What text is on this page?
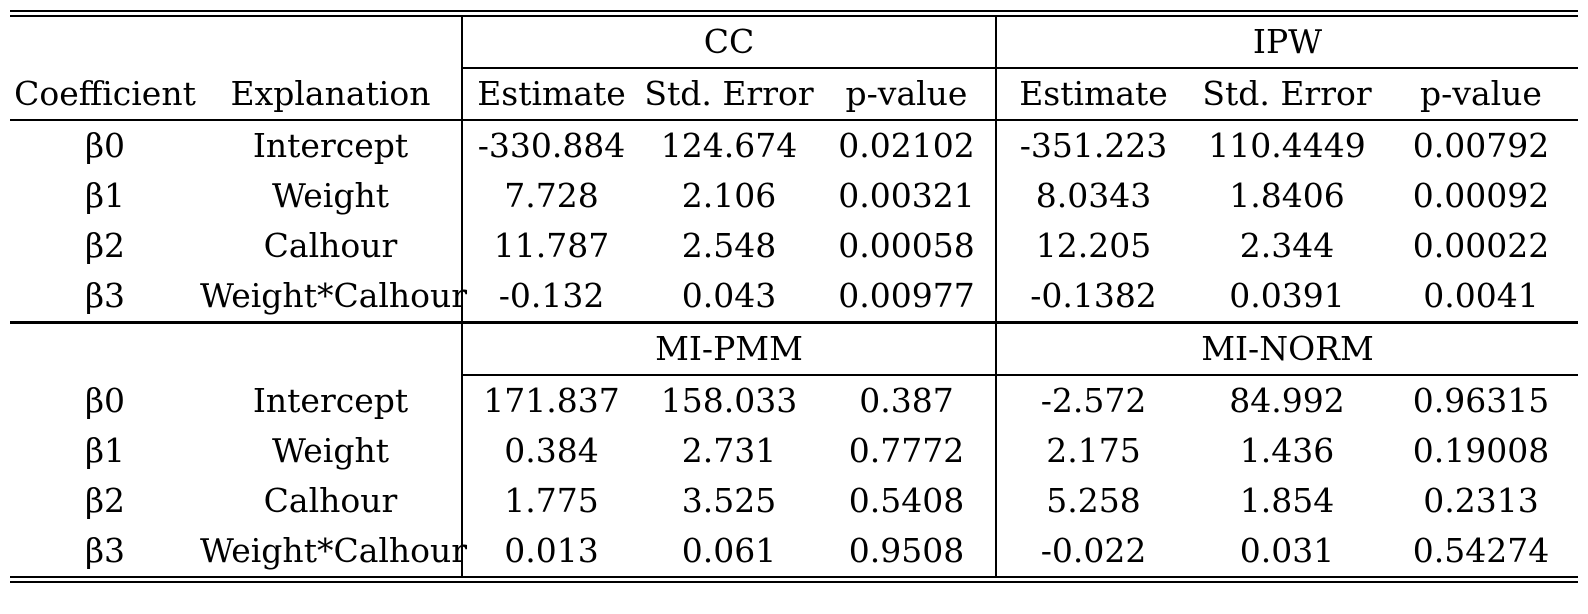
		CC			IPW		
Coefficient	Explanation	Estimate	Std. Error	p-value	Estimate	Std. Error	p-value
β0	Intercept	-330.884	124.674	0.02102	-351.223	110.4449	0.00792
β1	Weight	7.728	2.106	0.00321	8.0343	1.8406	0.00092
β2	Calhour	11.787	2.548	0.00058	12.205	2.344	0.00022
β3	Weight*Calhour	-0.132	0.043	0.00977	-0.1382	0.0391	0.0041
		MI-PMM			MI-NORM		
β0	Intercept	171.837	158.033	0.387	-2.572	84.992	0.96315
β1	Weight	0.384	2.731	0.7772	2.175	1.436	0.19008
β2	Calhour	1.775	3.525	0.5408	5.258	1.854	0.2313
β3	Weight*Calhour	0.013	0.061	0.9508	-0.022	0.031	0.54274
